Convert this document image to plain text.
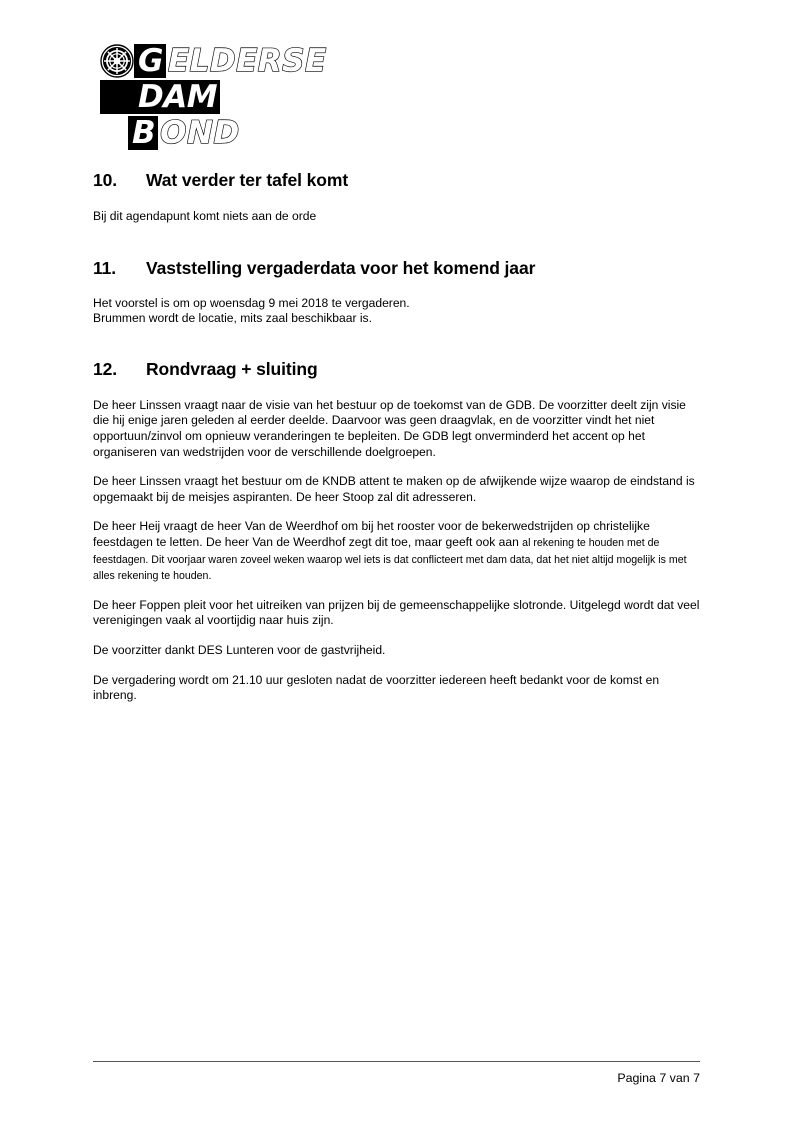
G ELDERSE
DAM
B OND
10.	Wat verder ter tafel komt

Bij dit agendapunt komt niets aan de orde

11.	Vaststelling vergaderdata voor het komend jaar

Het voorstel is om op woensdag 9 mei 2018 te vergaderen.

Brummen wordt de locatie, mits zaal beschikbaar is.

12.	Rondvraag + sluiting

De heer Linssen vraagt naar de visie van het bestuur op de toekomst van de GDB. De voorzitter deelt zijn visie die hij enige jaren geleden al eerder deelde. Daarvoor was geen draagvlak, en de voorzitter vindt het niet opportuun/zinvol om opnieuw veranderingen te bepleiten. De GDB legt onverminderd het accent op het organiseren van wedstrijden voor de verschillende doelgroepen.

De heer Linssen vraagt het bestuur om de KNDB attent te maken op de afwijkende wijze waarop de eindstand is opgemaakt bij de meisjes aspiranten. De heer Stoop zal dit adresseren.

De heer Heij vraagt de heer Van de Weerdhof om bij het rooster voor de bekerwedstrijden op christelijke feestdagen te letten. De heer Van de Weerdhof zegt dit toe, maar geeft ook aan al rekening te houden met de feestdagen. Dit voorjaar waren zoveel weken waarop wel iets is dat conflicteert met dam data, dat het niet altijd mogelijk is met alles rekening te houden.

De heer Foppen pleit voor het uitreiken van prijzen bij de gemeenschappelijke slotronde. Uitgelegd wordt dat veel verenigingen vaak al voortijdig naar huis zijn.

De voorzitter dankt DES Lunteren voor de gastvrijheid.

De vergadering wordt om 21.10 uur gesloten nadat de voorzitter iedereen heeft bedankt voor de komst en inbreng.

Pagina 7 van 7
